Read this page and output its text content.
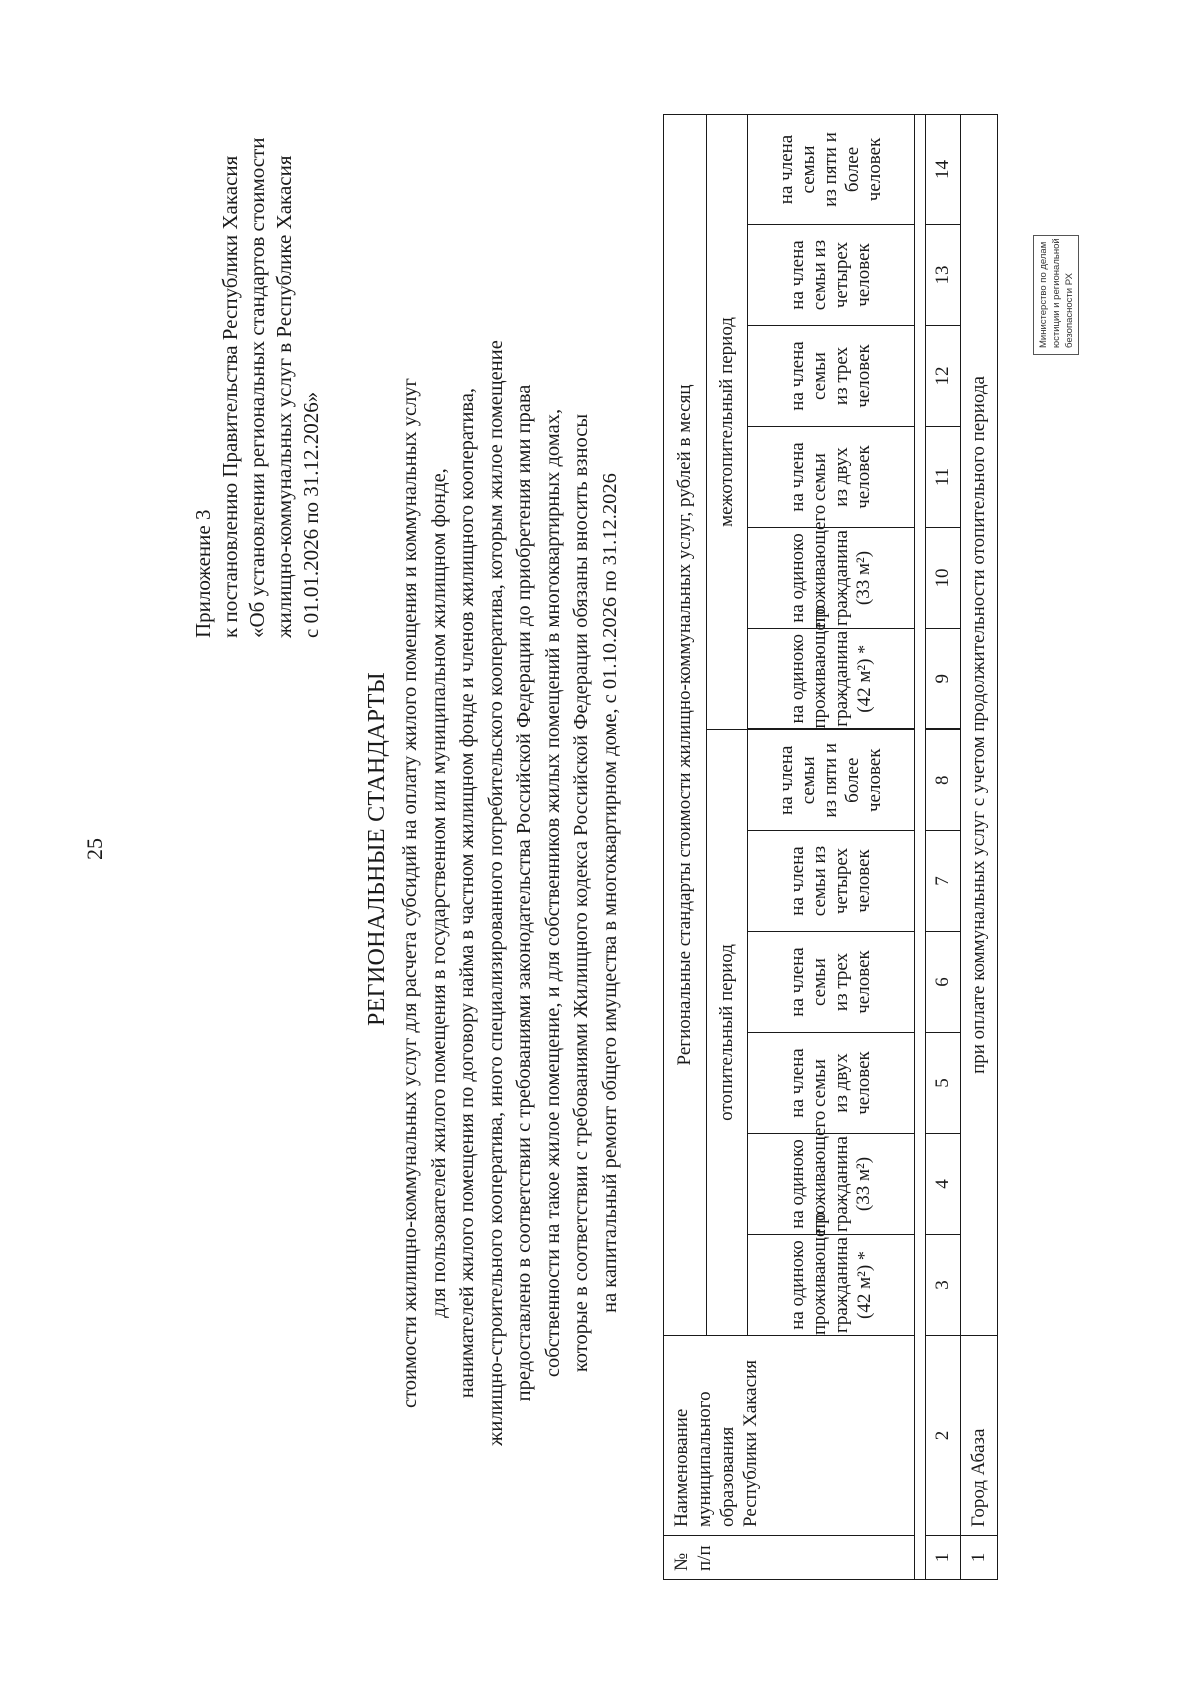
25
Приложение 3 к постановлению Правительства Республики Хакасия «Об установлении региональных стандартов стоимости жилищно-коммунальных услуг в Республике Хакасия с 01.01.2026 по 31.12.2026»
РЕГИОНАЛЬНЫЕ СТАНДАРТЫ стоимости жилищно-коммунальных услуг для расчета субсидий на оплату жилого помещения и коммунальных услуг для пользователей жилого помещения в государственном или муниципальном жилищном фонде, нанимателей жилого помещения по договору найма в частном жилищном фонде и членов жилищного кооператива, жилищно-строительного кооператива, иного специализированного потребительского кооператива, которым жилое помещение предоставлено в соответствии с требованиями законодательства Российской Федерации до приобретения ими права собственности на такое жилое помещение, и для собственников жилых помещений в многоквартирных домах, которые в соответствии с требованиями Жилищного кодекса Российской Федерации обязаны вносить взносы на капитальный ремонт общего имущества в многоквартирном доме, с 01.10.2026 по 31.12.2026
№ п/п	Наименование муниципального образования Республики Хакасия	Региональные стандарты стоимости жилищно-коммунальных услуг, рублей в месяц											
		отопительный период						межотопительный период					

		на одиноко проживающего гражданина (42 м²) *	на одиноко проживающего гражданина (33 м²)	на члена семьи из двух человек	на члена семьи из трех человек	на члена семьи из четырех человек	на члена семьи из пяти и более человек	на одиноко проживающего гражданина (42 м²) *	на одиноко проживающего гражданина (33 м²)	на члена семьи из двух человек	на члена семьи из трех человек	на члена семьи из четырех человек	на члена семьи из пяти и более человек

1	2	3	4	5	6	7	8	9	10	11	12	13	14
1	Город Абаза	при оплате коммунальных услуг с учетом продолжительности отопительного периода											
Министерство по делам юстиции и региональной безопасности РХ
